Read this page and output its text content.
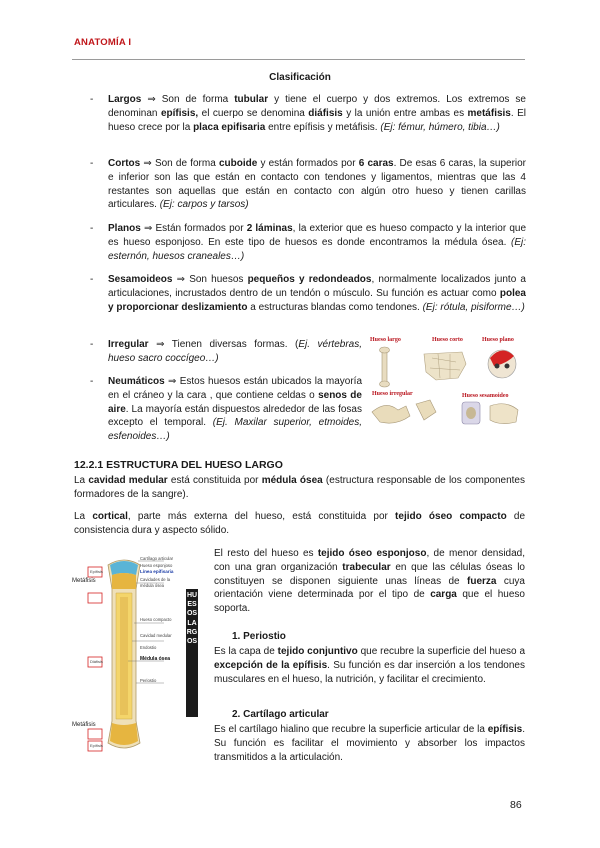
ANATOMÍA I
Clasificación
- Largos ⇒ Son de forma tubular y tiene el cuerpo y dos extremos. Los extremos se denominan epífisis, el cuerpo se denomina diáfisis y la unión entre ambas es metáfisis. El hueso crece por la placa epifisaria entre epífisis y metáfisis. (Ej: fémur, húmero, tibia…)
- Cortos ⇒ Son de forma cuboide y están formados por 6 caras. De esas 6 caras, la superior e inferior son las que están en contacto con tendones y ligamentos, mientras que las 4 restantes son aquellas que están en contacto con algún otro hueso y tienen carillas articulares. (Ej: carpos y tarsos)
- Planos ⇒ Están formados por 2 láminas, la exterior que es hueso compacto y la interior que es hueso esponjoso. En este tipo de huesos es donde encontramos la médula ósea. (Ej: esternón, huesos craneales…)
- Sesamoideos ⇒ Son huesos pequeños y redondeados, normalmente localizados junto a articulaciones, incrustados dentro de un tendón o músculo. Su función es actuar como polea y proporcionar deslizamiento a estructuras blandas como tendones. (Ej: rótula, pisiforme…)
- Irregular ⇒ Tienen diversas formas. (Ej. vértebras, hueso sacro coccígeo…)
- Neumáticos ⇒ Estos huesos están ubicados la mayoría en el cráneo y la cara , que contiene celdas o senos de aire. La mayoría están dispuestos alrededor de las fosas excepto el temporal. (Ej. Maxilar superior, etmoides, esfenoides…)
Hueso largo	Hueso corto	Hueso plano
Hueso irregular	Hueso sesamoideo
12.2.1 ESTRUCTURA DEL HUESO LARGO
La cavidad medular está constituida por médula ósea (estructura responsable de los componentes formadores de la sangre).
La cortical, parte más externa del hueso, está constituida por tejido óseo compacto de consistencia dura y aspecto sólido.
Metáfisis
Epífisis
Diáfisis
Metáfisis
Epífisis
Cartílago articular
Hueso esponjoso
Línea epifisaria
Cavidades de la médula ósea
Hueso compacto
Cavidad medular
Médula ósea
Endostio
Periostio
HUESOS LARGOS
El resto del hueso es tejido óseo esponjoso, de menor densidad, con una gran organización trabecular en que las células óseas lo constituyen se disponen siguiente unas líneas de fuerza cuya orientación viene determinada por el tipo de carga que el hueso soporta.
1. Periostio
Es la capa de tejido conjuntivo que recubre la superficie del hueso a excepción de la epífisis. Su función es dar inserción a los tendones musculares en el hueso, la nutrición, y facilitar el crecimiento.
2. Cartílago articular
Es el cartílago hialino que recubre la superficie articular de la epífisis. Su función es facilitar el movimiento y absorber los impactos transmitidos a la articulación.
86
